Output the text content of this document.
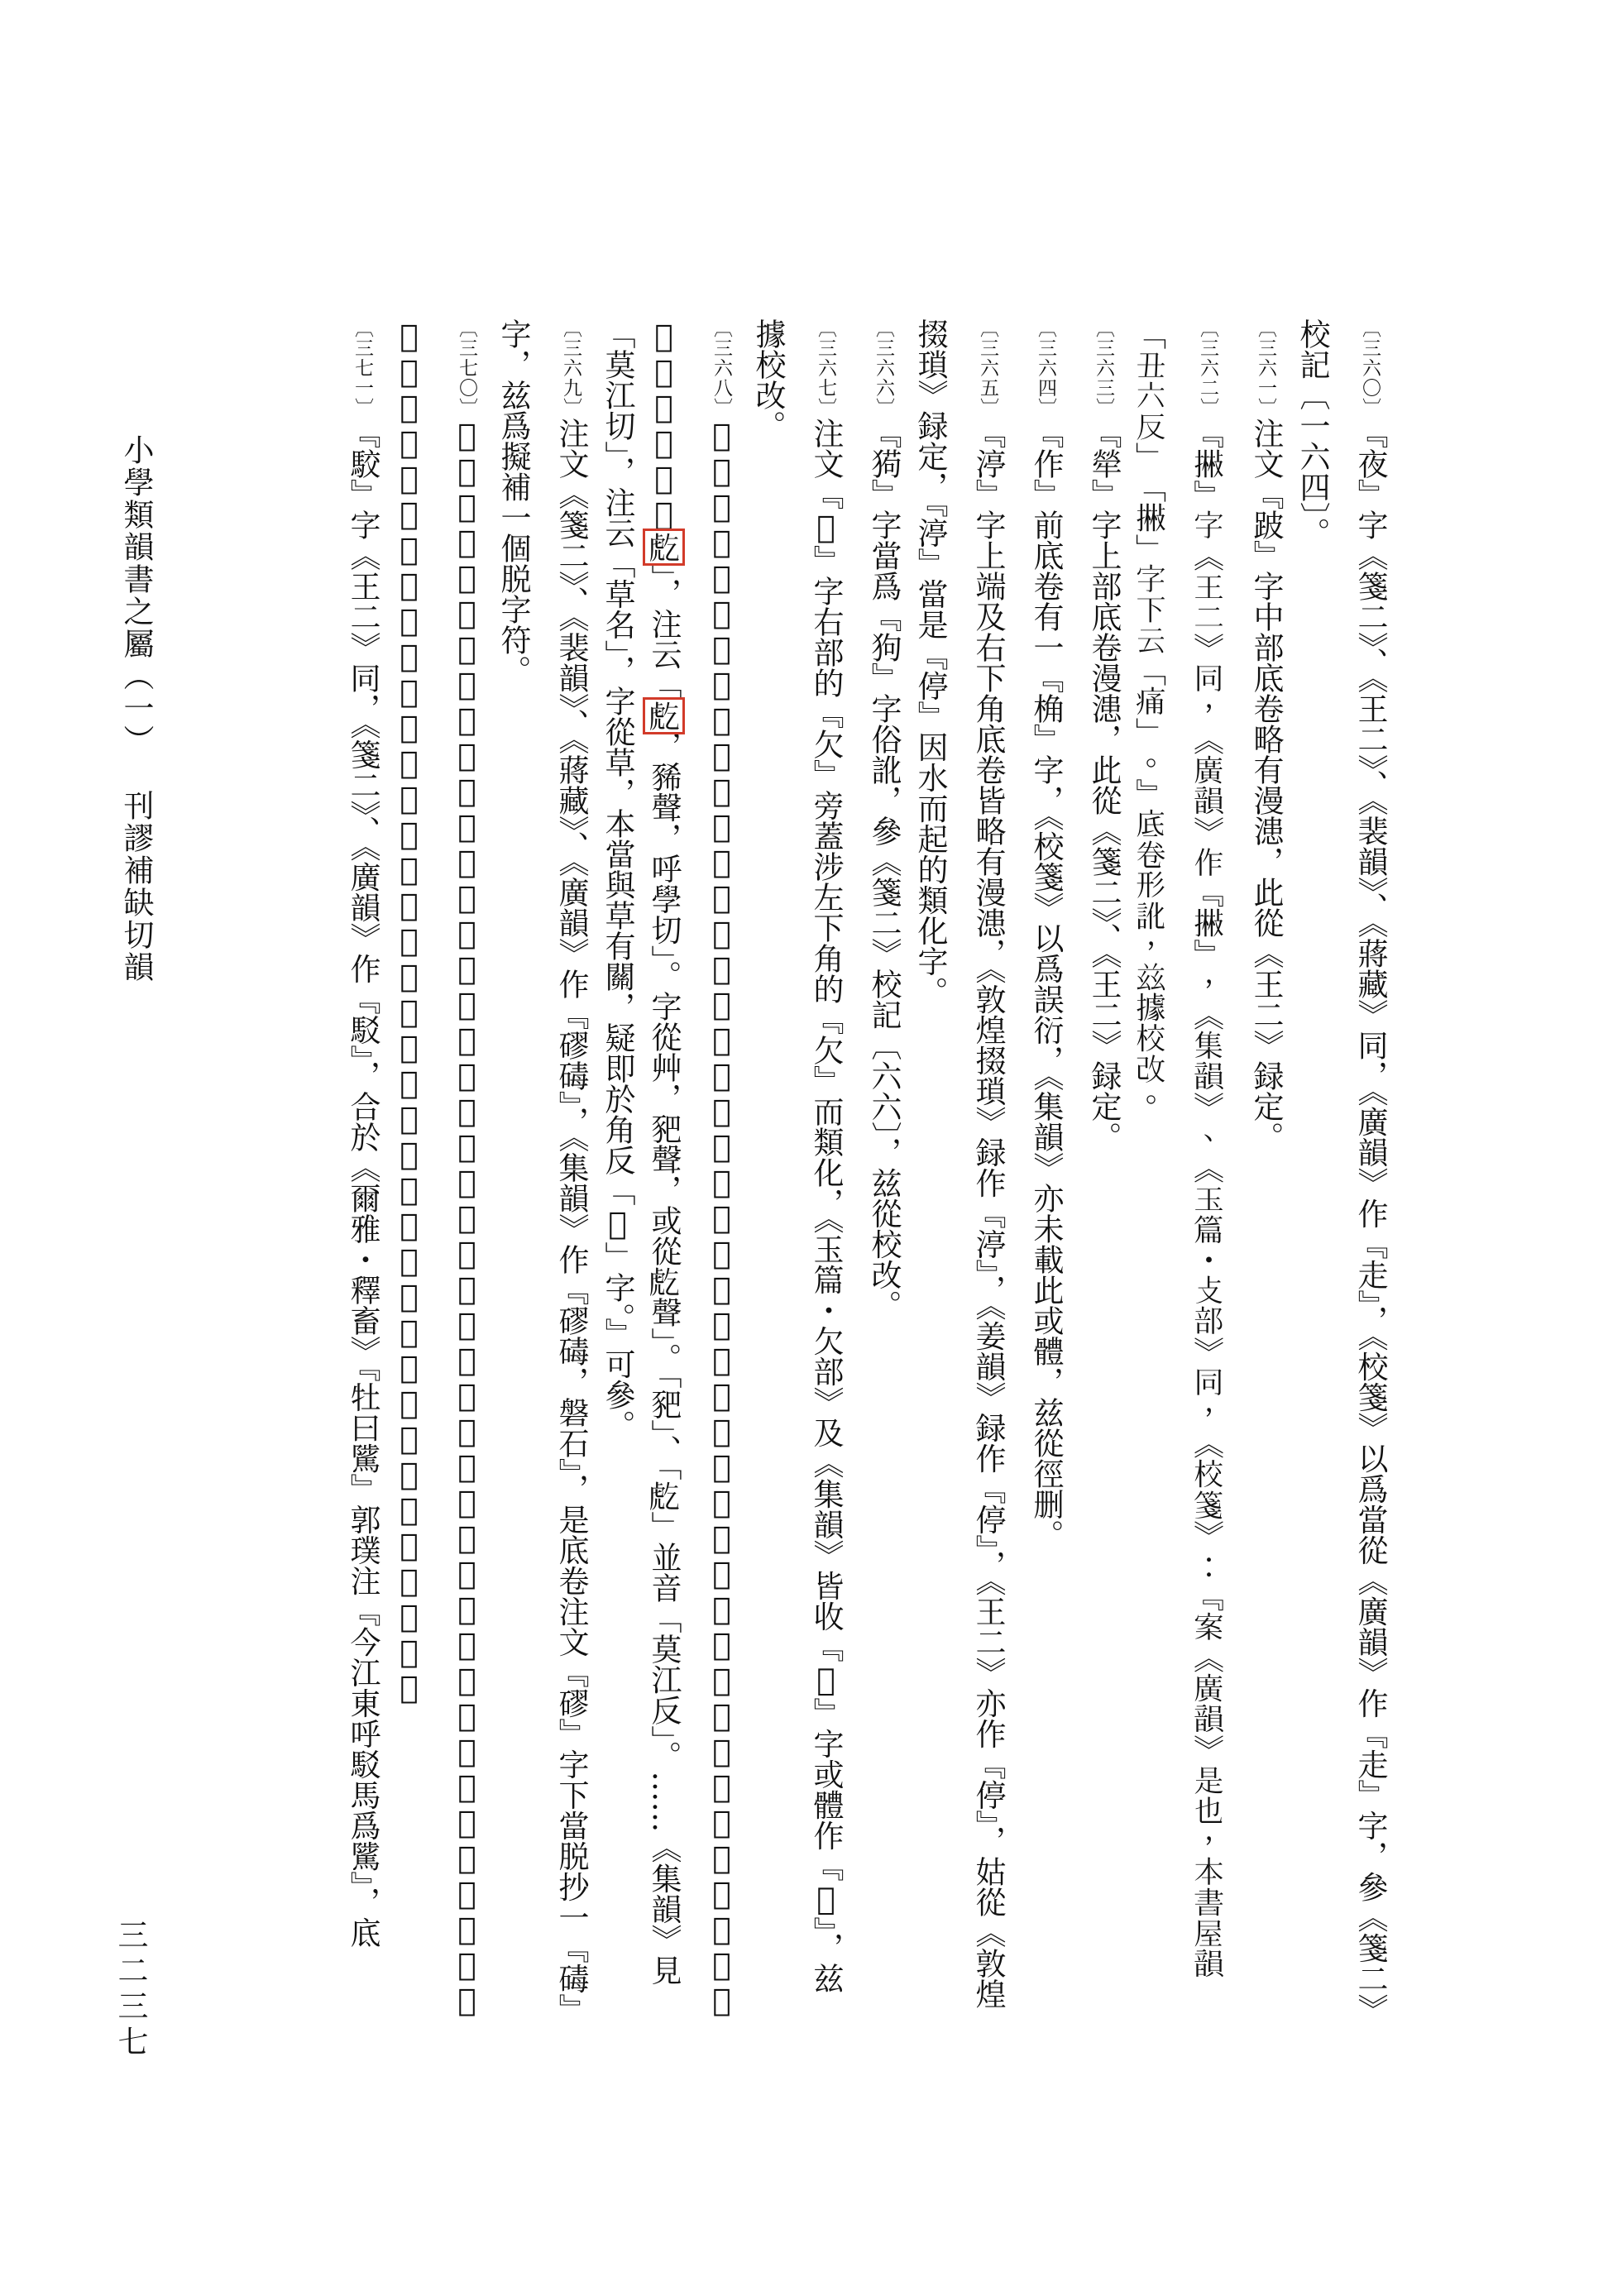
小學類韻書之屬（一）刊謬補缺切韻
三二三七

〔三六〇〕『夜』字《箋二》、《王二》、《裴韻》、《蔣藏》同，《廣韻》作『走』，《校箋》以爲當從《廣韻》作『走』字，參《箋二》校記〔一六四〕。

〔三六一〕注文『跛』字中部底卷略有漫漶，此從《王二》録定。

〔三六二〕『𢴻』字《王二》同，《廣韻》作『𢴻』，《集韻》、《玉篇・攴部》同，《校箋》：『案《廣韻》是也，本書屋韻「丑六反」「𢴻」字下云「痛」。』底卷形訛，兹據校改。

〔三六三〕『犖』字上部底卷漫漶，此從《箋二》、《王二》録定。

〔三六四〕『作』前底卷有一『桷』字，《校箋》以爲誤衍，《集韻》亦未載此或體，兹從徑删。

〔三六五〕『渟』字上端及右下角底卷皆略有漫漶，《敦煌掇瑣》録作『渟』，《姜韻》録作『停』，《王二》亦作『停』，姑從《敦煌掇瑣》録定，『渟』當是『停』因水而起的類化字。

〔三六六〕『㺃』字當爲『狗』字俗訛，參《箋二》校記〔六六〕，兹從校改。

〔三六七〕注文『𣢾』字右部的『欠』旁蓋涉左下角的『欠』而類化，《玉篇・欠部》及《集韻》皆收『𣪊』字或體作『𣢾』，兹據校改。

〔三六八〕『𦵔』字《王二》同，《廣韻》作『𦵔』形，《集韻》未收此字，《校箋》：『案字當作「𧆫」，《吴都賦》「封豨𧆫」，注云「𧆫，豨聲，呼學切」。字從艸，豝聲，或從𧆫聲」。「豝」、「𧆫」並音「莫江反」。……《集韻》見「莫江切」，注云「草名」，字從草，本當與草有關，疑即於角反「𦵔」字。』可參。

〔三六九〕注文《箋二》、《裴韻》、《蔣藏》、《廣韻》作『磟碡』，《集韻》作『磟碡，磐石』，是底卷注文『磟』字下當脱抄一『碡』字，兹爲擬補一個脱字符。

〔三七〇〕『𧸌』字上部底卷有殘，此參《箋二》、《王二》録定。又大韻代表字底卷殘泐，可據底卷本卷卷端韻目及上揭二書補作『五』字，兹擬補一個缺字符。又『直』前《王二》有『形又』二字。

〔三七一〕『駮』字《王二》同，《箋二》、《廣韻》作『駁』，合於《爾雅・釋畜》『牡曰騭』郭璞注『今江東呼駁馬爲騭』，底
